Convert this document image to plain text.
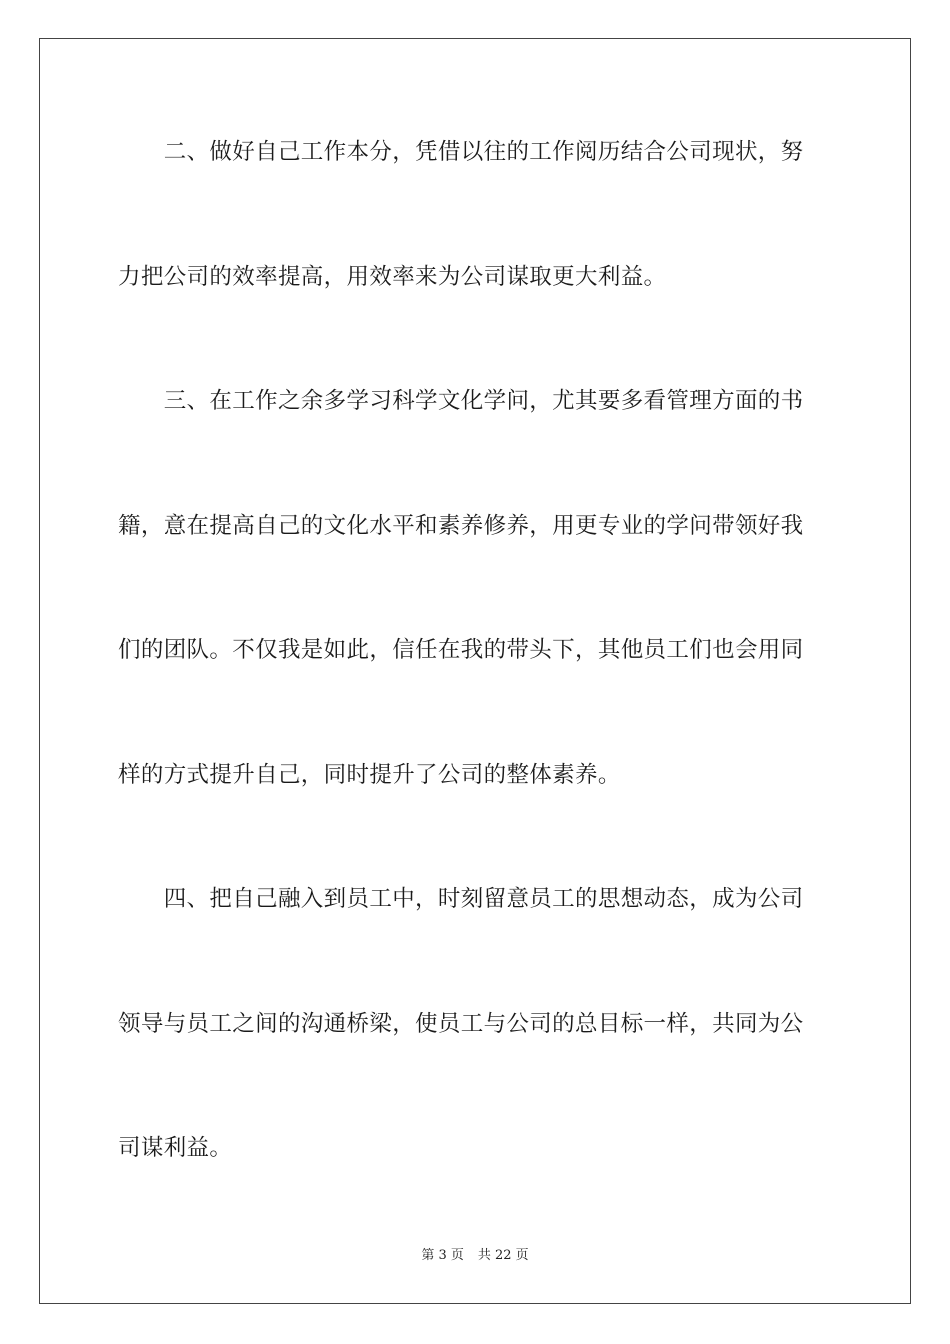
　　二、做好自己工作本分，凭借以往的工作阅历结合公司现状，努
力把公司的效率提高，用效率来为公司谋取更大利益。
　　三、在工作之余多学习科学文化学问，尤其要多看管理方面的书
籍，意在提高自己的文化水平和素养修养，用更专业的学问带领好我
们的团队。不仅我是如此，信任在我的带头下，其他员工们也会用同
样的方式提升自己，同时提升了公司的整体素养。
　　四、把自己融入到员工中，时刻留意员工的思想动态，成为公司
领导与员工之间的沟通桥梁，使员工与公司的总目标一样，共同为公
司谋利益。
第 3 页 共 22 页
